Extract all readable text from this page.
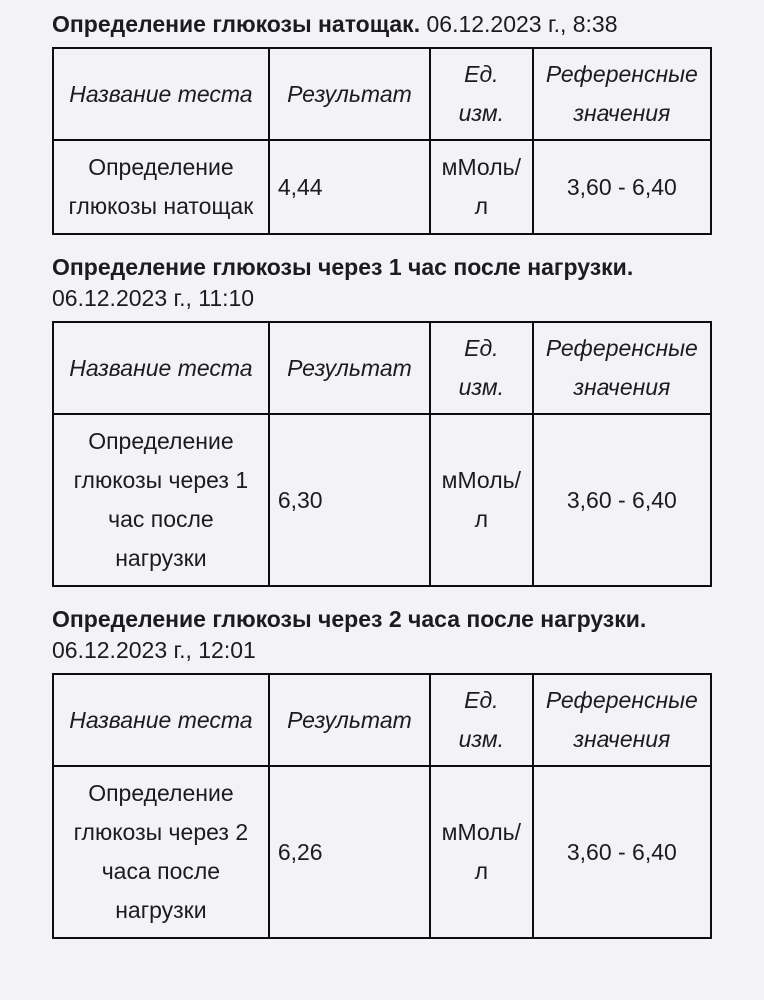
Определение глюкозы натощак. 06.12.2023 г., 8:38
Название теста	Результат	Ед. изм.	Референсные значения
Определение глюкозы натощак	4,44	мМоль/л	3,60 - 6,40
Определение глюкозы через 1 час после нагрузки. 06.12.2023 г., 11:10
Название теста	Результат	Ед. изм.	Референсные значения
Определение глюкозы через 1 час после нагрузки	6,30	мМоль/л	3,60 - 6,40
Определение глюкозы через 2 часа после нагрузки. 06.12.2023 г., 12:01
Название теста	Результат	Ед. изм.	Референсные значения
Определение глюкозы через 2 часа после нагрузки	6,26	мМоль/л	3,60 - 6,40
